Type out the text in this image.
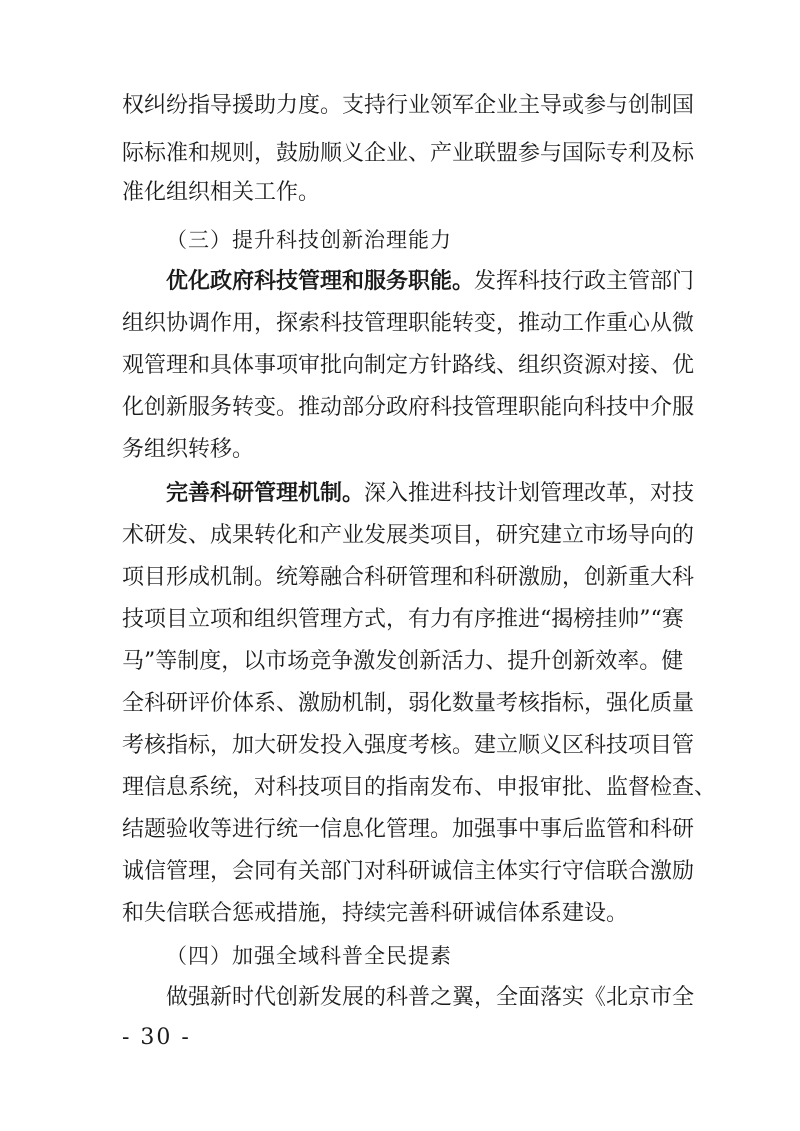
权纠纷指导援助力度。支持行业领军企业主导或参与创制国
际标准和规则，鼓励顺义企业、产业联盟参与国际专利及标
准化组织相关工作。
（三）提升科技创新治理能力
优化政府科技管理和服务职能。发挥科技行政主管部门
组织协调作用，探索科技管理职能转变，推动工作重心从微
观管理和具体事项审批向制定方针路线、组织资源对接、优
化创新服务转变。推动部分政府科技管理职能向科技中介服
务组织转移。
完善科研管理机制。深入推进科技计划管理改革，对技
术研发、成果转化和产业发展类项目，研究建立市场导向的
项目形成机制。统筹融合科研管理和科研激励，创新重大科
技项目立项和组织管理方式，有力有序推进“揭榜挂帅”“赛
马”等制度，以市场竞争激发创新活力、提升创新效率。健
全科研评价体系、激励机制，弱化数量考核指标，强化质量
考核指标，加大研发投入强度考核。建立顺义区科技项目管
理信息系统，对科技项目的指南发布、申报审批、监督检查、
结题验收等进行统一信息化管理。加强事中事后监管和科研
诚信管理，会同有关部门对科研诚信主体实行守信联合激励
和失信联合惩戒措施，持续完善科研诚信体系建设。
（四）加强全域科普全民提素
做强新时代创新发展的科普之翼，全面落实《北京市全
- 30 -
